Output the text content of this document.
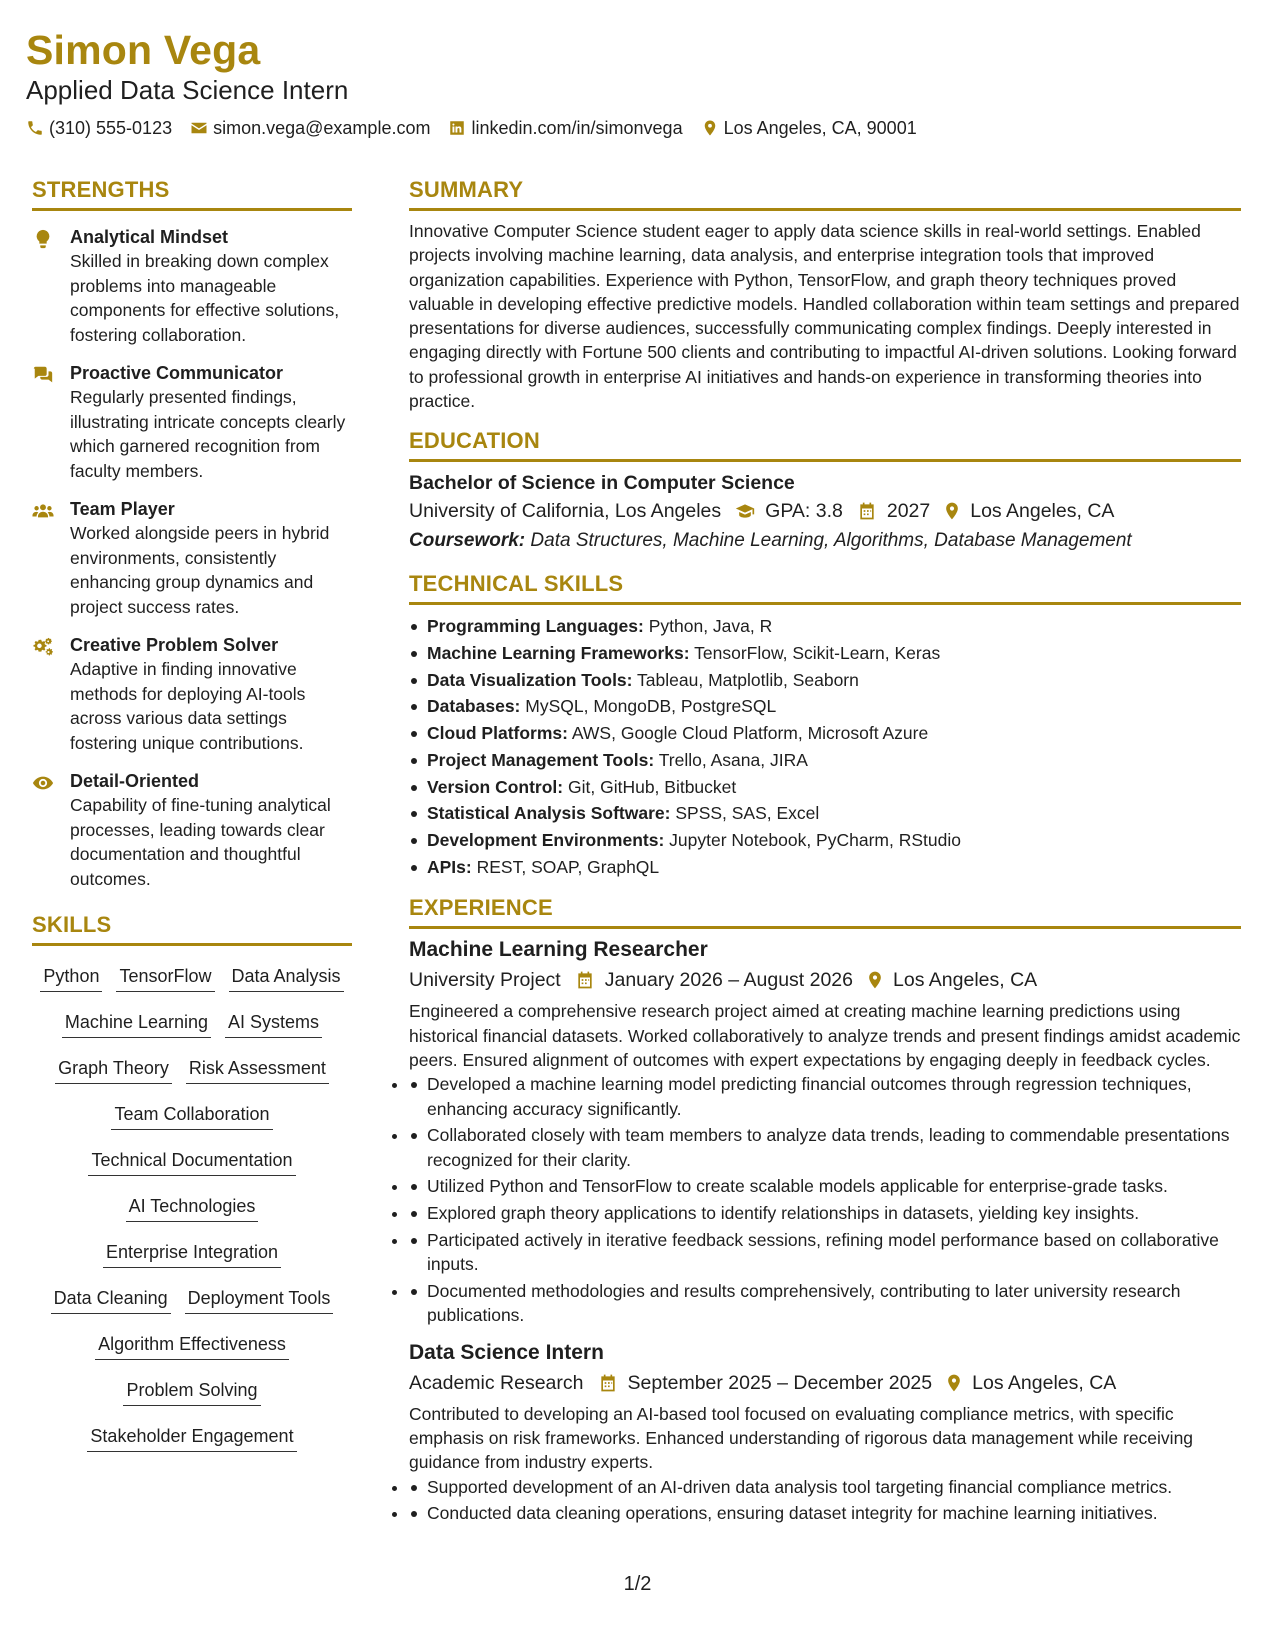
Simon Vega
Applied Data Science Intern
(310) 555-0123 simon.vega@example.com linkedin.com/in/simonvega Los Angeles, CA, 90001
STRENGTHS
Analytical Mindset
Skilled in breaking down complex problems into manageable components for effective solutions, fostering collaboration.
Proactive Communicator
Regularly presented findings, illustrating intricate concepts clearly which garnered recognition from faculty members.
Team Player
Worked alongside peers in hybrid environments, consistently enhancing group dynamics and project success rates.
Creative Problem Solver
Adaptive in finding innovative methods for deploying AI-tools across various data settings fostering unique contributions.
Detail-Oriented
Capability of fine-tuning analytical processes, leading towards clear documentation and thoughtful outcomes.
SKILLS
Python TensorFlow Data Analysis
Machine Learning AI Systems
Graph Theory Risk Assessment
Team Collaboration
Technical Documentation
AI Technologies
Enterprise Integration
Data Cleaning Deployment Tools
Algorithm Effectiveness
Problem Solving
Stakeholder Engagement
SUMMARY
Innovative Computer Science student eager to apply data science skills in real-world settings. Enabled projects involving machine learning, data analysis, and enterprise integration tools that improved organization capabilities. Experience with Python, TensorFlow, and graph theory techniques proved valuable in developing effective predictive models. Handled collaboration within team settings and prepared presentations for diverse audiences, successfully communicating complex findings. Deeply interested in engaging directly with Fortune 500 clients and contributing to impactful AI-driven solutions. Looking forward to professional growth in enterprise AI initiatives and hands-on experience in transforming theories into practice.
EDUCATION
Bachelor of Science in Computer Science
University of California, Los Angeles GPA: 3.8 2027 Los Angeles, CA
Coursework: Data Structures, Machine Learning, Algorithms, Database Management
TECHNICAL SKILLS
Programming Languages: Python, Java, R
Machine Learning Frameworks: TensorFlow, Scikit-Learn, Keras
Data Visualization Tools: Tableau, Matplotlib, Seaborn
Databases: MySQL, MongoDB, PostgreSQL
Cloud Platforms: AWS, Google Cloud Platform, Microsoft Azure
Project Management Tools: Trello, Asana, JIRA
Version Control: Git, GitHub, Bitbucket
Statistical Analysis Software: SPSS, SAS, Excel
Development Environments: Jupyter Notebook, PyCharm, RStudio
APIs: REST, SOAP, GraphQL
EXPERIENCE
Machine Learning Researcher
University Project January 2026 – August 2026 Los Angeles, CA
Engineered a comprehensive research project aimed at creating machine learning predictions using historical financial datasets. Worked collaboratively to analyze trends and present findings amidst academic peers. Ensured alignment of outcomes with expert expectations by engaging deeply in feedback cycles.
• Developed a machine learning model predicting financial outcomes through regression techniques, enhancing accuracy significantly.
• Collaborated closely with team members to analyze data trends, leading to commendable presentations recognized for their clarity.
• Utilized Python and TensorFlow to create scalable models applicable for enterprise-grade tasks.
• Explored graph theory applications to identify relationships in datasets, yielding key insights.
• Participated actively in iterative feedback sessions, refining model performance based on collaborative inputs.
• Documented methodologies and results comprehensively, contributing to later university research publications.
Data Science Intern
Academic Research September 2025 – December 2025 Los Angeles, CA
Contributed to developing an AI-based tool focused on evaluating compliance metrics, with specific emphasis on risk frameworks. Enhanced understanding of rigorous data management while receiving guidance from industry experts.
• Supported development of an AI-driven data analysis tool targeting financial compliance metrics.
• Conducted data cleaning operations, ensuring dataset integrity for machine learning initiatives.
1/2
